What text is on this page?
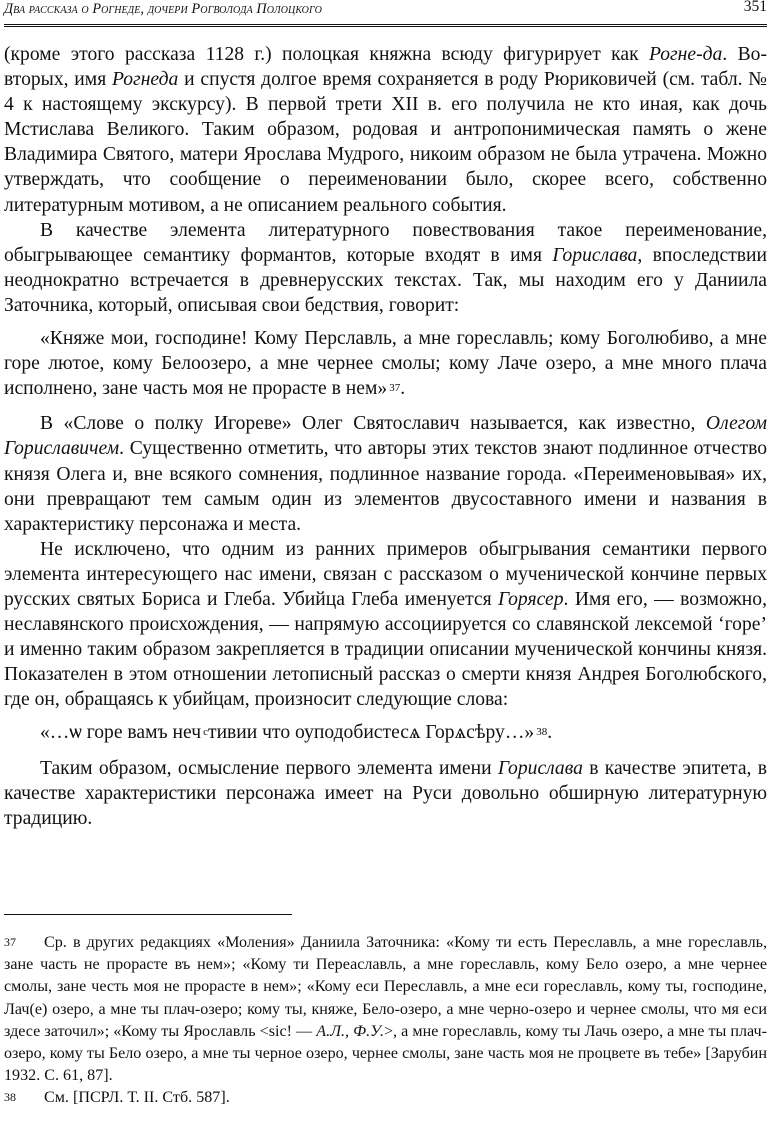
Два рассказа о Рогнеде, дочери Рогволода Полоцкого	351

(кроме этого рассказа 1128 г.) полоцкая княжна всюду фигурирует как Рогне-да. Во-вторых, имя Рогнеда и спустя долгое время сохраняется в роду Рюриковичей (см. табл. № 4 к настоящему экскурсу). В первой трети XII в. его получила не кто иная, как дочь Мстислава Великого. Таким образом, родовая и антропонимическая память о жене Владимира Святого, матери Ярослава Мудрого, никоим образом не была утрачена. Можно утверждать, что сообщение о переименовании было, скорее всего, собственно литературным мотивом, а не описанием реального события.

В качестве элемента литературного повествования такое переименование, обыгрывающее семантику формантов, которые входят в имя Горислава, впоследствии неоднократно встречается в древнерусских текстах. Так, мы находим его у Даниила Заточника, который, описывая свои бедствия, говорит:

«Княже мои, господине! Кому Перславль, а мне гореславль; кому Боголюбиво, а мне горе лютое, кому Белоозеро, а мне чернее смолы; кому Лаче озеро, а мне много плача исполнено, зане часть моя не прорасте в нем» $^{37}$.

В «Слове о полку Игореве» Олег Святославич называется, как известно, Олегом Гориславичем. Существенно отметить, что авторы этих текстов знают подлинное отчество князя Олега и, вне всякого сомнения, подлинное название города. «Переименовывая» их, они превращают тем самым один из элементов двусоставного имени и названия в характеристику персонажа и места.

Не исключено, что одним из ранних примеров обыгрывания семантики первого элемента интересующего нас имени, связан с рассказом о мученической кончине первых русских святых Бориса и Глеба. Убийца Глеба именуется Горясер. Имя его, — возможно, неславянского происхождения, — напрямую ассоциируется со славянской лексемой ‘горе’ и именно таким образом закрепляется в традиции описании мученической кончины князя. Показателен в этом отношении летописный рассказ о смерти князя Андрея Боголюбского, где он, обращаясь к убийцам, произносит следующие слова:

«…ѡ горе вамъ неч $^с$тивии что оуподобистесѧ Горѧсѣру…» $^{38}$.

Таким образом, осмысление первого элемента имени Горислава в качестве эпитета, в качестве характеристики персонажа имеет на Руси довольно обширную литературную традицию.

37 Ср. в других редакциях «Моления» Даниила Заточника: «Кому ти есть Переславль, а мне гореславль, зане часть не прорасте въ нем»; «Кому ти Переаславль, а мне гореславль, кому Бело озеро, а мне чернее смолы, зане честь моя не прорасте в нем»; «Кому еси Переславль, а мне еси гореславль, кому ты, господине, Лач(е) озеро, а мне ты плач-озеро; кому ты, княже, Бело-озеро, а мне черно-озеро и чернее смолы, что мя еси здесе заточил»; «Кому ты Ярославль <sic! — А.Л., Ф.У.>, а мне гореславль, кому ты Лачь озеро, а мне ты плач-озеро, кому ты Бело озеро, а мне ты черное озеро, чернее смолы, зане часть моя не процвете въ тебе» [Зарубин 1932. С. 61, 87].

38 См. [ПСРЛ. Т. II. Стб. 587].
